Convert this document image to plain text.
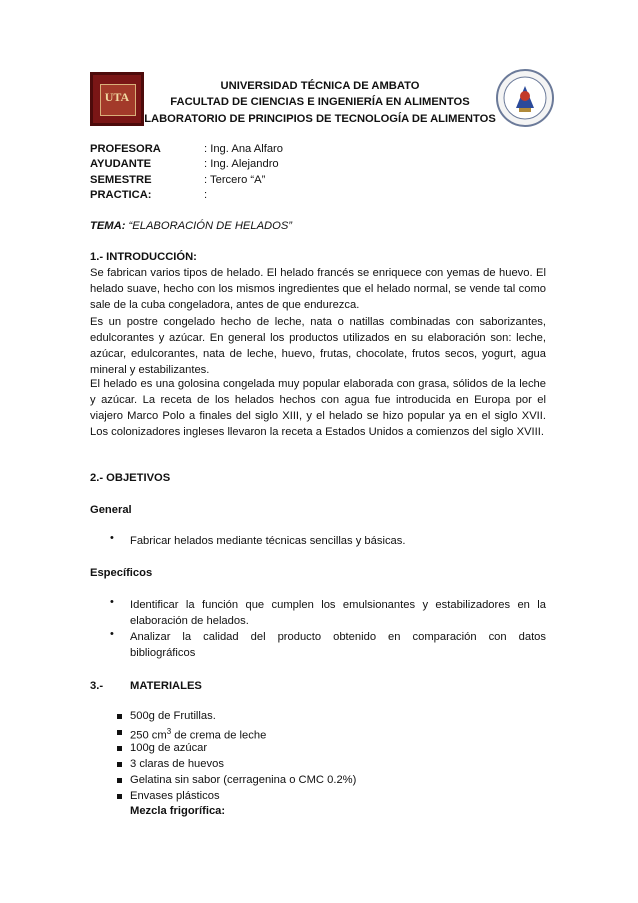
UTA
UNIVERSIDAD TÉCNICA DE AMBATO
FACULTAD DE CIENCIAS E INGENIERÍA EN ALIMENTOS
LABORATORIO DE PRINCIPIOS DE TECNOLOGÍA DE ALIMENTOS
PROFESORA	: Ing. Ana Alfaro
AYUDANTE	: Ing. Alejandro
SEMESTRE	: Tercero “A”
PRACTICA:	:
TEMA: “ELABORACIÓN DE HELADOS”
1.- INTRODUCCIÓN:
Se fabrican varios tipos de helado. El helado francés se enriquece con yemas de huevo. El helado suave, hecho con los mismos ingredientes que el helado normal, se vende tal como sale de la cuba congeladora, antes de que endurezca.
Es un postre congelado hecho de leche, nata o natillas combinadas con saborizantes, edulcorantes y azúcar. En general los productos utilizados en su elaboración son: leche, azúcar, edulcorantes, nata de leche, huevo, frutas, chocolate, frutos secos, yogurt, agua mineral y estabilizantes.
El helado es una golosina congelada muy popular elaborada con grasa, sólidos de la leche y azúcar. La receta de los helados hechos con agua fue introducida en Europa por el viajero Marco Polo a finales del siglo XIII, y el helado se hizo popular ya en el siglo XVII. Los colonizadores ingleses llevaron la receta a Estados Unidos a comienzos del siglo XVIII.
2.- OBJETIVOS
General
• Fabricar helados mediante técnicas sencillas y básicas.
Específicos
• Identificar la función que cumplen los emulsionantes y estabilizadores en la elaboración de helados.
• Analizar la calidad del producto obtenido en comparación con datos bibliográficos
3.- MATERIALES
500g de Frutillas.
250 $cm^3$ de crema de leche
100g de azúcar
3 claras de huevos
Gelatina sin sabor (cerragenina o CMC 0.2%)
Envases plásticos
Mezcla frigorífica:
